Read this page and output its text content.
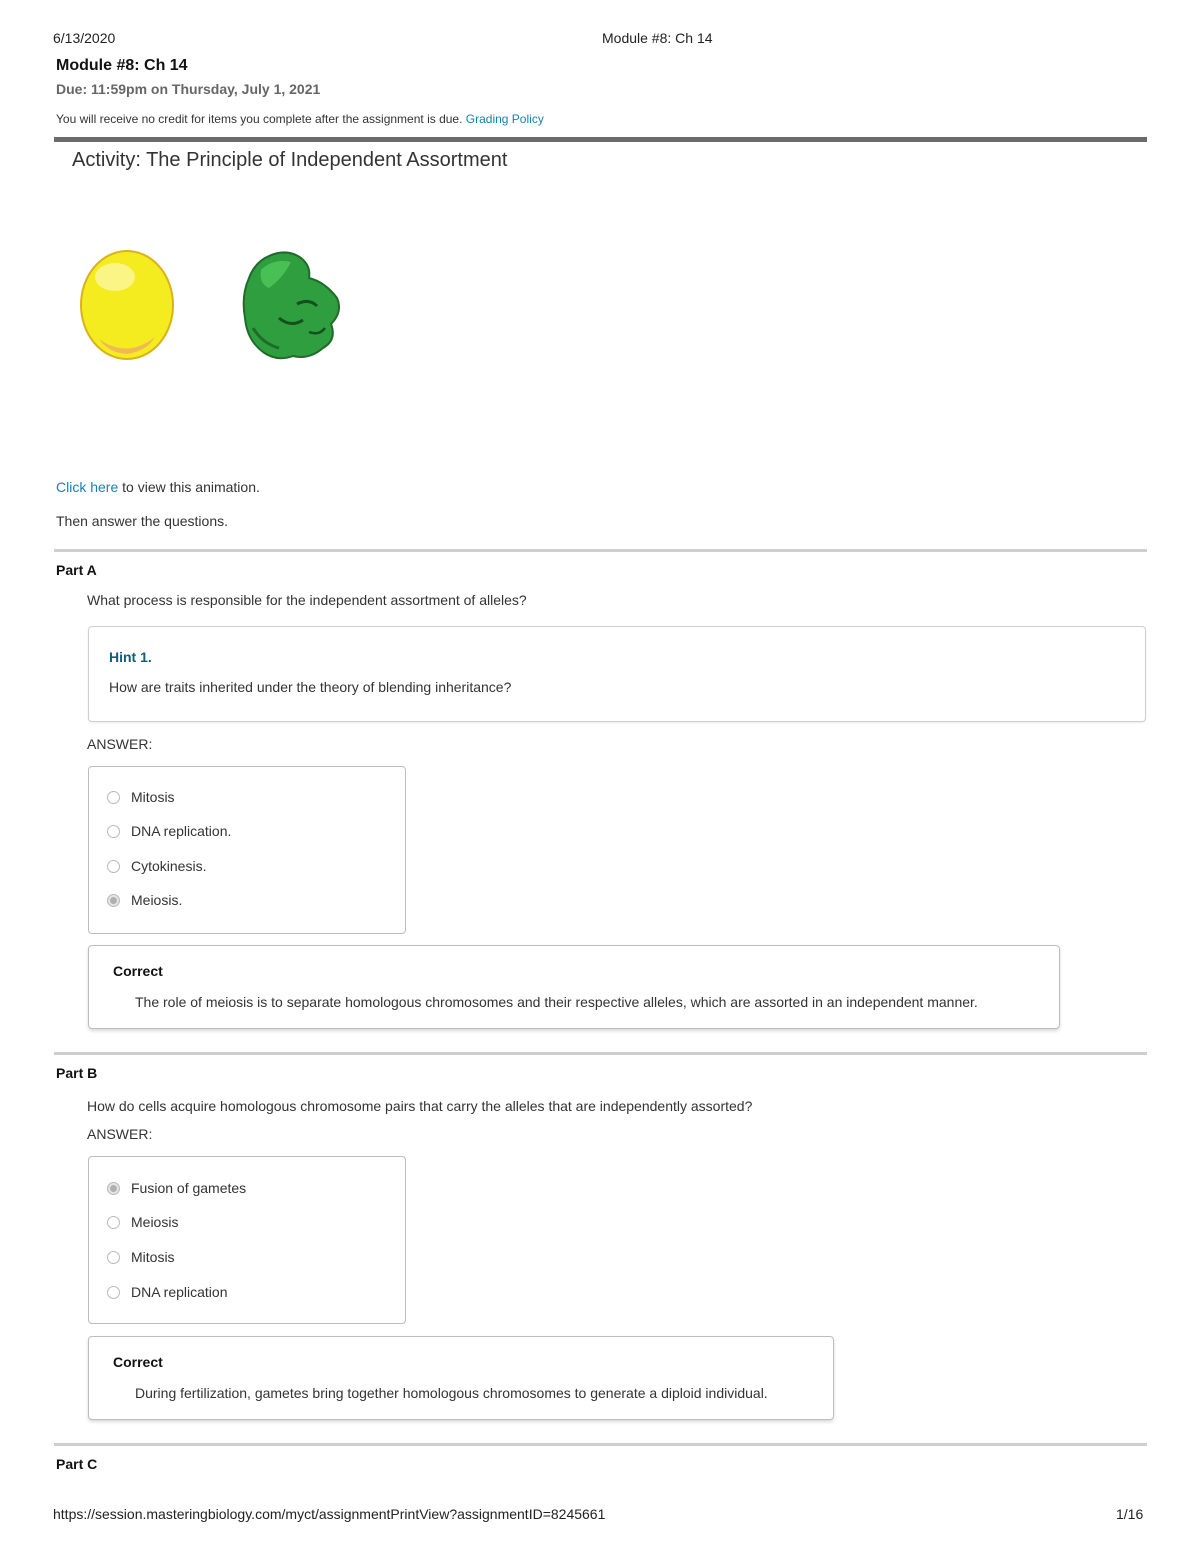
6/13/2020	Module #8: Ch 14
Module #8: Ch 14
Due: 11:59pm on Thursday, July 1, 2021
You will receive no credit for items you complete after the assignment is due. Grading Policy
Activity: The Principle of Independent Assortment
Click here to view this animation.
Then answer the questions.
Part A
What process is responsible for the independent assortment of alleles?
Hint 1.
How are traits inherited under the theory of blending inheritance?
ANSWER:
Mitosis
DNA replication.
Cytokinesis.
Meiosis.
Correct
The role of meiosis is to separate homologous chromosomes and their respective alleles, which are assorted in an independent manner.
Part B
How do cells acquire homologous chromosome pairs that carry the alleles that are independently assorted?
ANSWER:
Fusion of gametes
Meiosis
Mitosis
DNA replication
Correct
During fertilization, gametes bring together homologous chromosomes to generate a diploid individual.
Part C
https://session.masteringbiology.com/myct/assignmentPrintView?assignmentID=8245661	1/16
